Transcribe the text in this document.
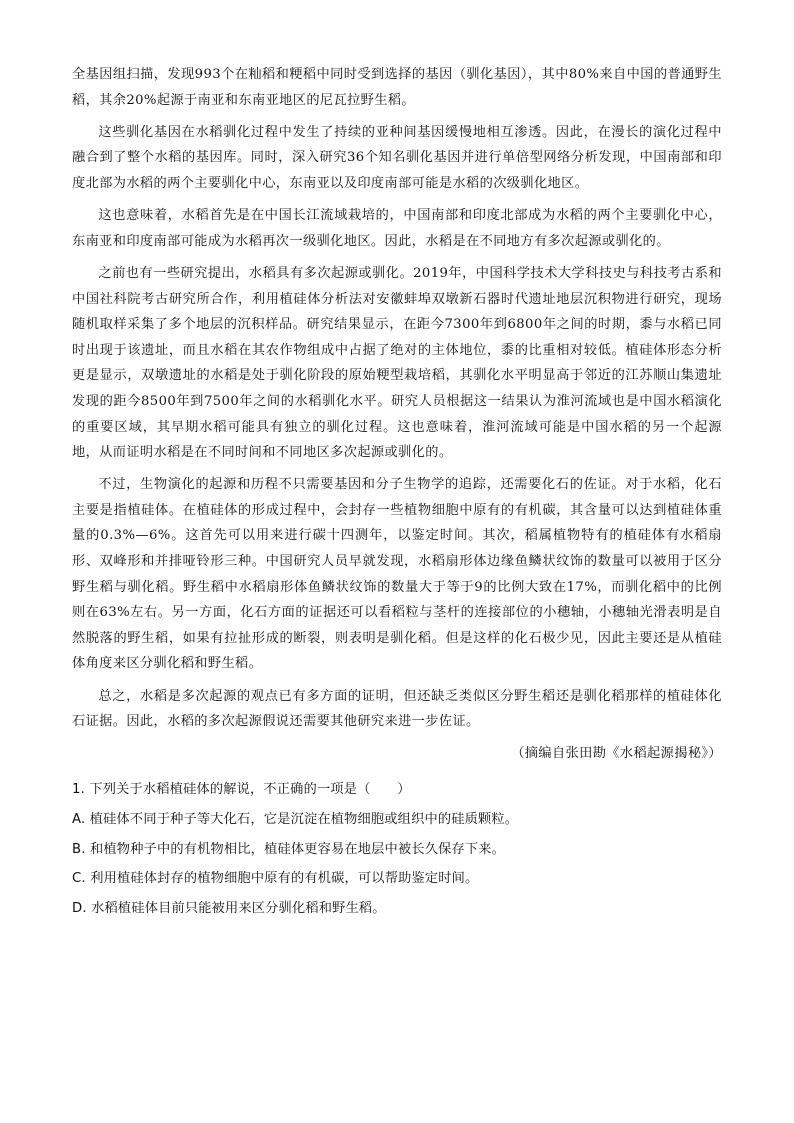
全基因组扫描，发现993个在籼稻和粳稻中同时受到选择的基因（驯化基因），其中80%来自中国的普通野生稻，其余20%起源于南亚和东南亚地区的尼瓦拉野生稻。

这些驯化基因在水稻驯化过程中发生了持续的亚种间基因缓慢地相互渗透。因此，在漫长的演化过程中融合到了整个水稻的基因库。同时，深入研究36个知名驯化基因并进行单倍型网络分析发现，中国南部和印度北部为水稻的两个主要驯化中心，东南亚以及印度南部可能是水稻的次级驯化地区。

这也意味着，水稻首先是在中国长江流域栽培的，中国南部和印度北部成为水稻的两个主要驯化中心，东南亚和印度南部可能成为水稻再次一级驯化地区。因此，水稻是在不同地方有多次起源或驯化的。

之前也有一些研究提出，水稻具有多次起源或驯化。2019年，中国科学技术大学科技史与科技考古系和中国社科院考古研究所合作，利用植硅体分析法对安徽蚌埠双墩新石器时代遗址地层沉积物进行研究，现场随机取样采集了多个地层的沉积样品。研究结果显示，在距今7300年到6800年之间的时期，黍与水稻已同时出现于该遗址，而且水稻在其农作物组成中占据了绝对的主体地位，黍的比重相对较低。植硅体形态分析更是显示，双墩遗址的水稻是处于驯化阶段的原始粳型栽培稻，其驯化水平明显高于邻近的江苏顺山集遗址发现的距今8500年到7500年之间的水稻驯化水平。研究人员根据这一结果认为淮河流域也是中国水稻演化的重要区域，其早期水稻可能具有独立的驯化过程。这也意味着，淮河流域可能是中国水稻的另一个起源地，从而证明水稻是在不同时间和不同地区多次起源或驯化的。

不过，生物演化的起源和历程不只需要基因和分子生物学的追踪，还需要化石的佐证。对于水稻，化石主要是指植硅体。在植硅体的形成过程中，会封存一些植物细胞中原有的有机碳，其含量可以达到植硅体重量的0.3%—6%。这首先可以用来进行碳十四测年，以鉴定时间。其次，稻属植物特有的植硅体有水稻扇形、双峰形和并排哑铃形三种。中国研究人员早就发现，水稻扇形体边缘鱼鳞状纹饰的数量可以被用于区分野生稻与驯化稻。野生稻中水稻扇形体鱼鳞状纹饰的数量大于等于9的比例大致在17%，而驯化稻中的比例则在63%左右。另一方面，化石方面的证据还可以看稻粒与茎杆的连接部位的小穗轴，小穗轴光滑表明是自然脱落的野生稻，如果有拉扯形成的断裂，则表明是驯化稻。但是这样的化石极少见，因此主要还是从植硅体角度来区分驯化稻和野生稻。

总之，水稻是多次起源的观点已有多方面的证明，但还缺乏类似区分野生稻还是驯化稻那样的植硅体化石证据。因此，水稻的多次起源假说还需要其他研究来进一步佐证。

（摘编自张田勘《水稻起源揭秘》）
1. 下列关于水稻植硅体的解说，不正确的一项是（　　）
A. 植硅体不同于种子等大化石，它是沉淀在植物细胞或组织中的硅质颗粒。
B. 和植物种子中的有机物相比，植硅体更容易在地层中被长久保存下来。
C. 利用植硅体封存的植物细胞中原有的有机碳，可以帮助鉴定时间。
D. 水稻植硅体目前只能被用来区分驯化稻和野生稻。
